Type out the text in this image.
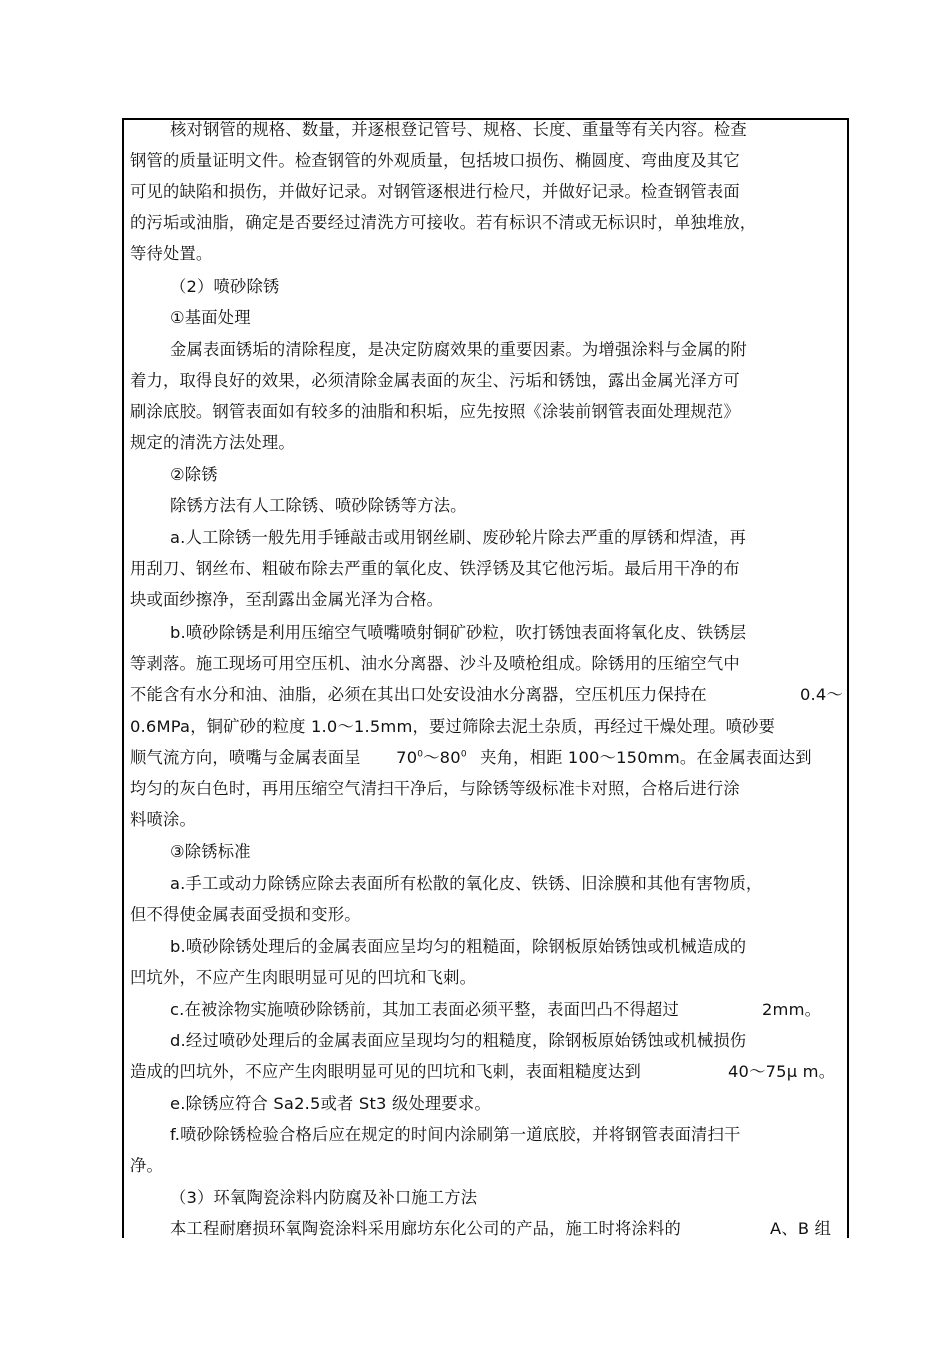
核对钢管的规格、数量，并逐根登记管号、规格、长度、重量等有关内容。检查
钢管的质量证明文件。检查钢管的外观质量，包括坡口损伤、椭圆度、弯曲度及其它
可见的缺陷和损伤，并做好记录。对钢管逐根进行检尺，并做好记录。检查钢管表面
的污垢或油脂，确定是否要经过清洗方可接收。若有标识不清或无标识时，单独堆放，
等待处置。
（2）喷砂除锈
①基面处理
金属表面锈垢的清除程度，是决定防腐效果的重要因素。为增强涂料与金属的附
着力，取得良好的效果，必须清除金属表面的灰尘、污垢和锈蚀，露出金属光泽方可
刷涂底胶。钢管表面如有较多的油脂和积垢，应先按照《涂装前钢管表面处理规范》
规定的清洗方法处理。
②除锈
除锈方法有人工除锈、喷砂除锈等方法。
a.人工除锈一般先用手锤敲击或用钢丝刷、废砂轮片除去严重的厚锈和焊渣，再
用刮刀、钢丝布、粗破布除去严重的氧化皮、铁浮锈及其它他污垢。最后用干净的布
块或面纱擦净，至刮露出金属光泽为合格。
b.喷砂除锈是利用压缩空气喷嘴喷射铜矿砂粒，吹打锈蚀表面将氧化皮、铁锈层
等剥落。施工现场可用空压机、油水分离器、沙斗及喷枪组成。除锈用的压缩空气中
不能含有水分和油、油脂，必须在其出口处安设油水分离器，空压机压力保持在	0.4～
0.6MPa，铜矿砂的粒度 1.0～1.5mm，要过筛除去泥土杂质，再经过干燥处理。喷砂要
顺气流方向，喷嘴与金属表面呈 $70^0\sim 80^0$ 夹角，相距 100～150mm。在金属表面达到
均匀的灰白色时，再用压缩空气清扫干净后，与除锈等级标准卡对照，合格后进行涂
料喷涂。
③除锈标准
a.手工或动力除锈应除去表面所有松散的氧化皮、铁锈、旧涂膜和其他有害物质，
但不得使金属表面受损和变形。
b.喷砂除锈处理后的金属表面应呈均匀的粗糙面，除钢板原始锈蚀或机械造成的
凹坑外，不应产生肉眼明显可见的凹坑和飞刺。
c.在被涂物实施喷砂除锈前，其加工表面必须平整，表面凹凸不得超过	2mm。
d.经过喷砂处理后的金属表面应呈现均匀的粗糙度，除钢板原始锈蚀或机械损伤
造成的凹坑外，不应产生肉眼明显可见的凹坑和飞刺，表面粗糙度达到	40～75μ m。
e.除锈应符合 Sa2.5或者 St3 级处理要求。
f.喷砂除锈检验合格后应在规定的时间内涂刷第一道底胶，并将钢管表面清扫干
净。
（3）环氧陶瓷涂料内防腐及补口施工方法
本工程耐磨损环氧陶瓷涂料采用廊坊东化公司的产品，施工时将涂料的	A、B 组
